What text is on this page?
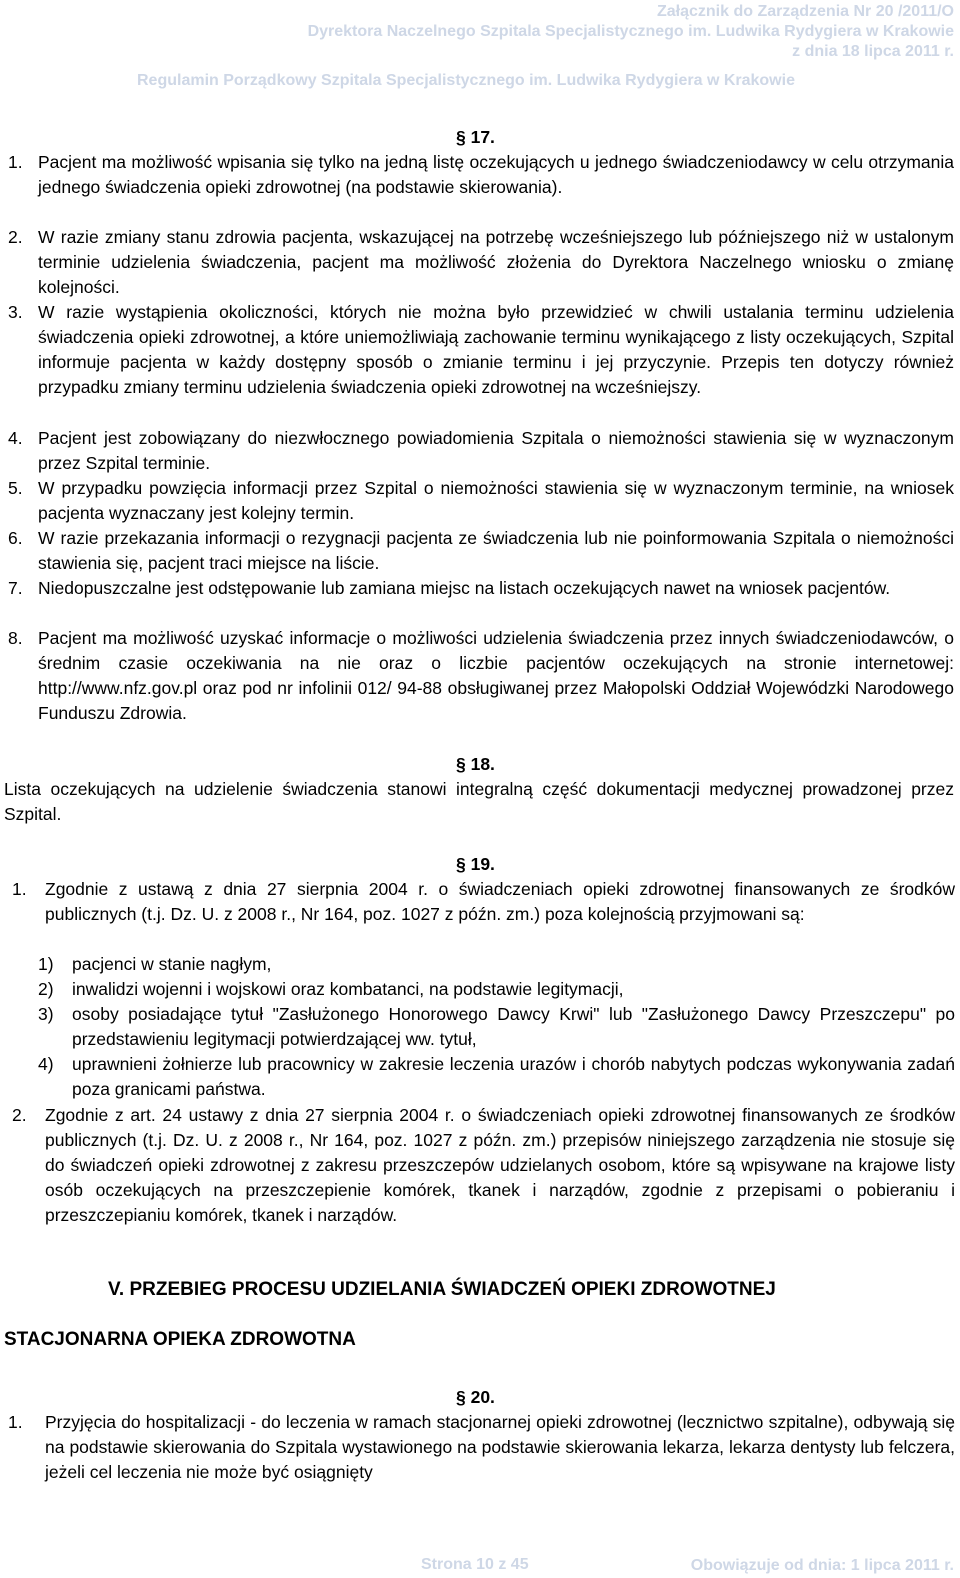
Załącznik do Zarządzenia Nr 20 /2011/O
Dyrektora Naczelnego Szpitala Specjalistycznego im. Ludwika Rydygiera w Krakowie
z dnia 18 lipca 2011 r.
Regulamin Porządkowy Szpitala Specjalistycznego im. Ludwika Rydygiera w Krakowie
§ 17.
1. Pacjent ma możliwość wpisania się tylko na jedną listę oczekujących u jednego świadczeniodawcy w celu otrzymania jednego świadczenia opieki zdrowotnej (na podstawie skierowania).
2. W razie zmiany stanu zdrowia pacjenta, wskazującej na potrzebę wcześniejszego lub późniejszego niż w ustalonym terminie udzielenia świadczenia, pacjent ma możliwość złożenia do Dyrektora Naczelnego wniosku o zmianę kolejności.
3. W razie wystąpienia okoliczności, których nie można było przewidzieć w chwili ustalania terminu udzielenia świadczenia opieki zdrowotnej, a które uniemożliwiają zachowanie terminu wynikającego z listy oczekujących, Szpital informuje pacjenta w każdy dostępny sposób o zmianie terminu i jej przyczynie. Przepis ten dotyczy również przypadku zmiany terminu udzielenia świadczenia opieki zdrowotnej na wcześniejszy.
4. Pacjent jest zobowiązany do niezwłocznego powiadomienia Szpitala o niemożności stawienia się w wyznaczonym przez Szpital terminie.
5. W przypadku powzięcia informacji przez Szpital o niemożności stawienia się w wyznaczonym terminie, na wniosek pacjenta wyznaczany jest kolejny termin.
6. W razie przekazania informacji o rezygnacji pacjenta ze świadczenia lub nie poinformowania Szpitala o niemożności stawienia się, pacjent traci miejsce na liście.
7. Niedopuszczalne jest odstępowanie lub zamiana miejsc na listach oczekujących nawet na wniosek pacjentów.
8. Pacjent ma możliwość uzyskać informacje o możliwości udzielenia świadczenia przez innych świadczeniodawców, o średnim czasie oczekiwania na nie oraz o liczbie pacjentów oczekujących na stronie internetowej: http://www.nfz.gov.pl oraz pod nr infolinii 012/ 94-88 obsługiwanej przez Małopolski Oddział Wojewódzki Narodowego Funduszu Zdrowia.
§ 18.
Lista oczekujących na udzielenie świadczenia stanowi integralną część dokumentacji medycznej prowadzonej przez Szpital.
§ 19.
1. Zgodnie z ustawą z dnia 27 sierpnia 2004 r. o świadczeniach opieki zdrowotnej finansowanych ze środków publicznych (t.j. Dz. U. z 2008 r., Nr 164, poz. 1027 z późn. zm.) poza kolejnością przyjmowani są:
1) pacjenci w stanie nagłym,
2) inwalidzi wojenni i wojskowi oraz kombatanci, na podstawie legitymacji,
3) osoby posiadające tytuł "Zasłużonego Honorowego Dawcy Krwi" lub "Zasłużonego Dawcy Przeszczepu" po przedstawieniu legitymacji potwierdzającej ww. tytuł,
4) uprawnieni żołnierze lub pracownicy w zakresie leczenia urazów i chorób nabytych podczas wykonywania zadań poza granicami państwa.
2. Zgodnie z art. 24 ustawy z dnia 27 sierpnia 2004 r. o świadczeniach opieki zdrowotnej finansowanych ze środków publicznych (t.j. Dz. U. z 2008 r., Nr 164, poz. 1027 z późn. zm.) przepisów niniejszego zarządzenia nie stosuje się do świadczeń opieki zdrowotnej z zakresu przeszczepów udzielanych osobom, które są wpisywane na krajowe listy osób oczekujących na przeszczepienie komórek, tkanek i narządów, zgodnie z przepisami o pobieraniu i przeszczepianiu komórek, tkanek i narządów.
V. PRZEBIEG PROCESU UDZIELANIA ŚWIADCZEŃ OPIEKI ZDROWOTNEJ
STACJONARNA OPIEKA ZDROWOTNA
§ 20.
1. Przyjęcia do hospitalizacji - do leczenia w ramach stacjonarnej opieki zdrowotnej (lecznictwo szpitalne), odbywają się na podstawie skierowania do Szpitala wystawionego na podstawie skierowania lekarza, lekarza dentysty lub felczera, jeżeli cel leczenia nie może być osiągnięty
Obowiązuje od dnia: 1 lipca 2011 r.
Strona 10 z 45
